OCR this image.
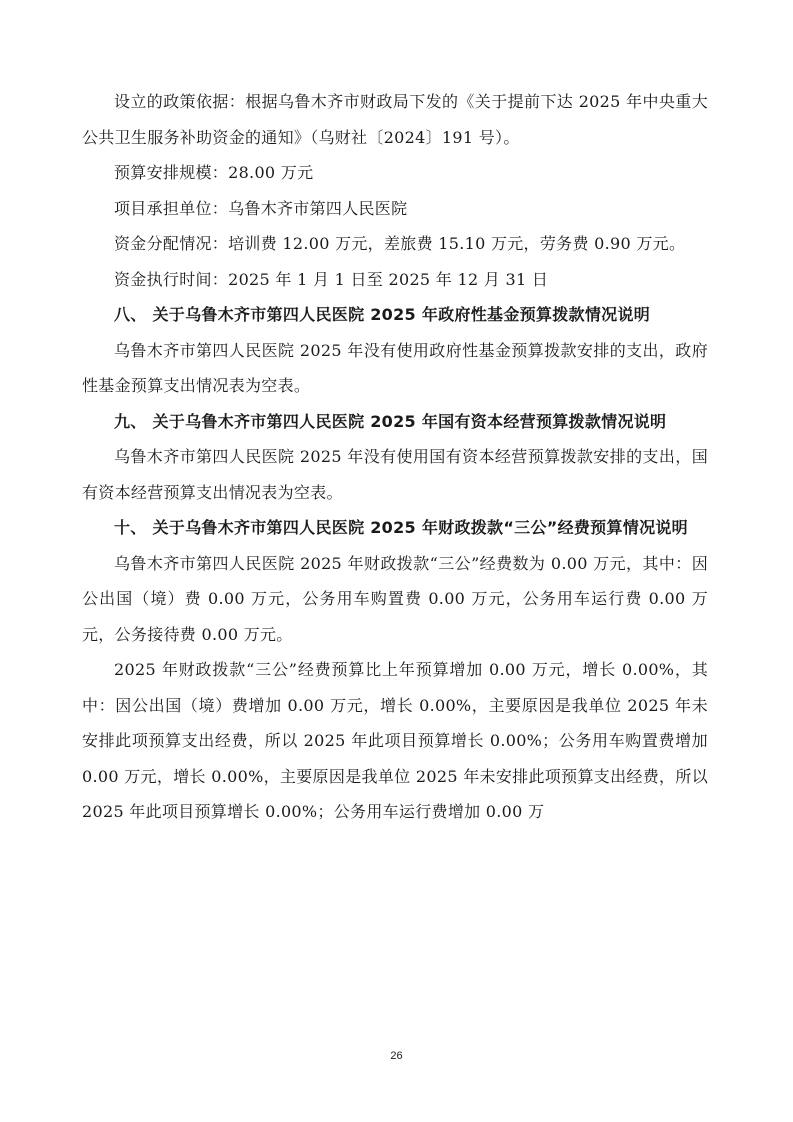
设立的政策依据：根据乌鲁木齐市财政局下发的《关于提前下达 2025 年中央重大公共卫生服务补助资金的通知》（乌财社〔2024〕191 号）。

预算安排规模：28.00 万元

项目承担单位：乌鲁木齐市第四人民医院

资金分配情况：培训费 12.00 万元，差旅费 15.10 万元，劳务费 0.90 万元。

资金执行时间：2025 年 1 月 1 日至 2025 年 12 月 31 日

八、 关于乌鲁木齐市第四人民医院 2025 年政府性基金预算拨款情况说明

乌鲁木齐市第四人民医院 2025 年没有使用政府性基金预算拨款安排的支出，政府性基金预算支出情况表为空表。

九、 关于乌鲁木齐市第四人民医院 2025 年国有资本经营预算拨款情况说明

乌鲁木齐市第四人民医院 2025 年没有使用国有资本经营预算拨款安排的支出，国有资本经营预算支出情况表为空表。

十、 关于乌鲁木齐市第四人民医院 2025 年财政拨款“三公”经费预算情况说明

乌鲁木齐市第四人民医院 2025 年财政拨款“三公”经费数为 0.00 万元，其中：因公出国（境）费 0.00 万元，公务用车购置费 0.00 万元，公务用车运行费 0.00 万元，公务接待费 0.00 万元。

2025 年财政拨款“三公”经费预算比上年预算增加 0.00 万元，增长 0.00%，其中：因公出国（境）费增加 0.00 万元，增长 0.00%，主要原因是我单位 2025 年未安排此项预算支出经费，所以 2025 年此项目预算增长 0.00%；公务用车购置费增加 0.00 万元，增长 0.00%，主要原因是我单位 2025 年未安排此项预算支出经费，所以 2025 年此项目预算增长 0.00%；公务用车运行费增加 0.00 万

26
